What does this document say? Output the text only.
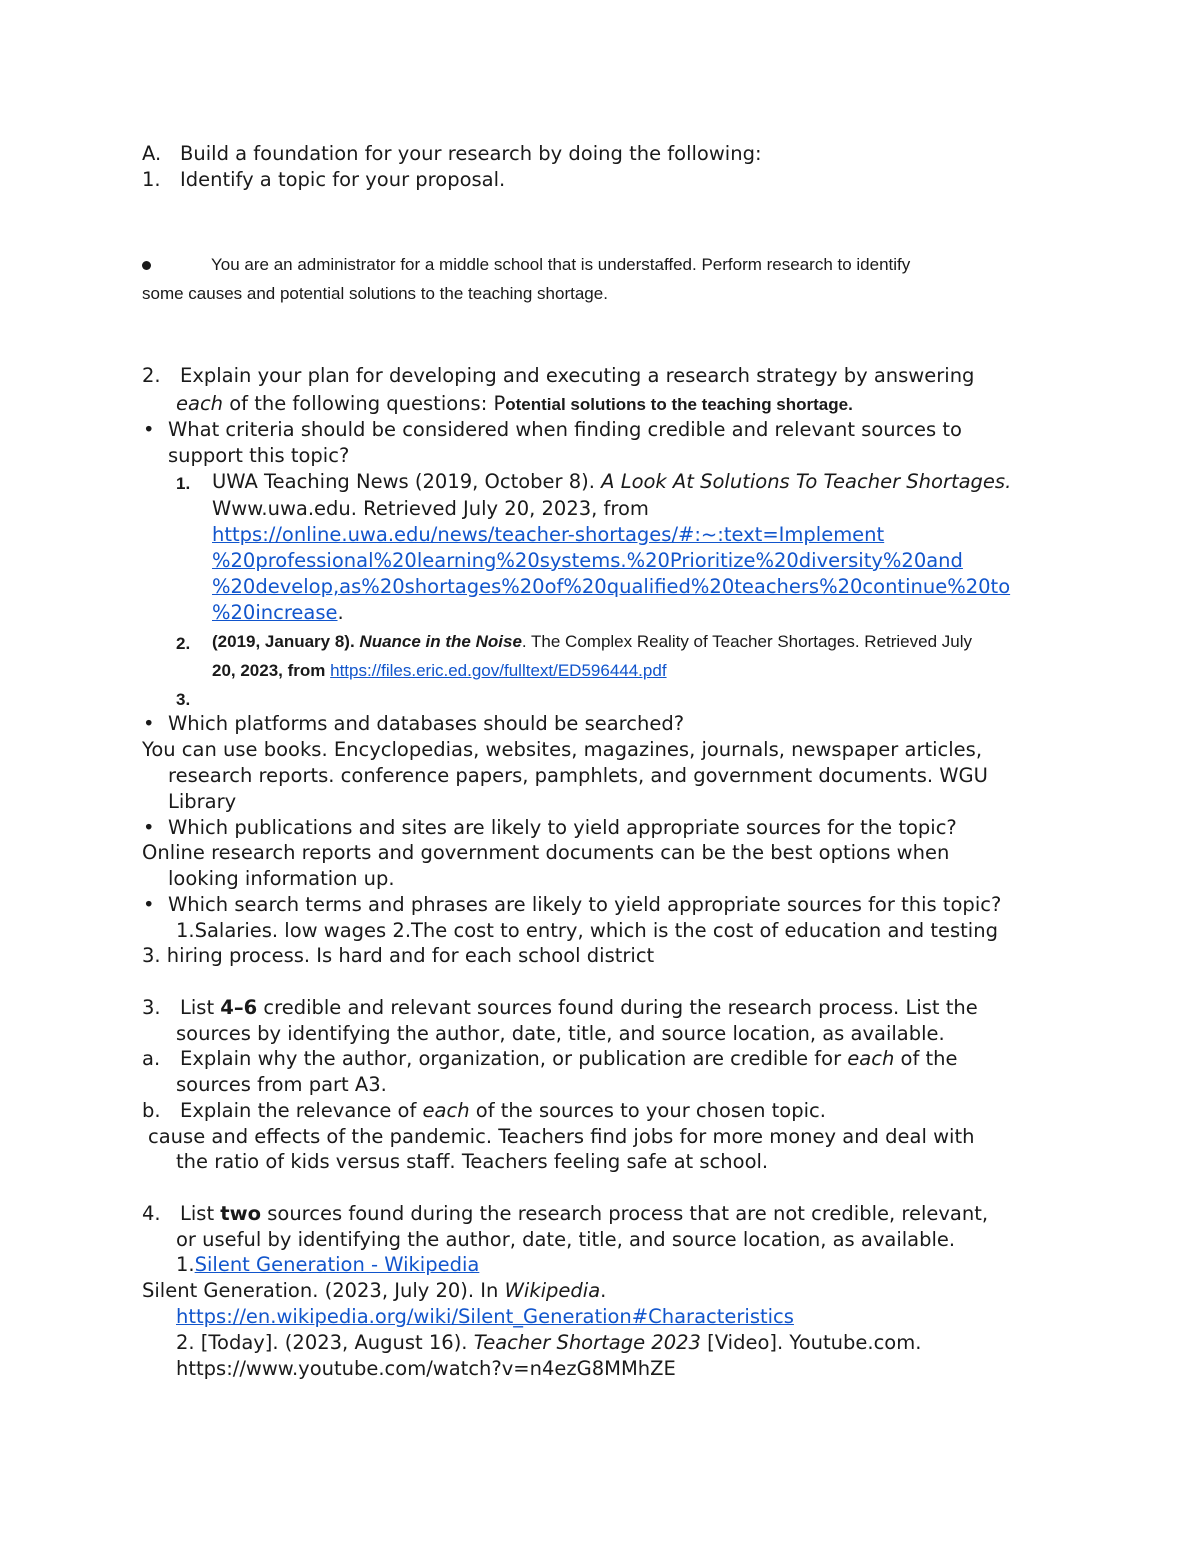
A. Build a foundation for your research by doing the following:
1. Identify a topic for your proposal.
You are an administrator for a middle school that is understaffed. Perform research to identify
some causes and potential solutions to the teaching shortage.
2. Explain your plan for developing and executing a research strategy by answering
each of the following questions: Potential solutions to the teaching shortage.
• What criteria should be considered when finding credible and relevant sources to
support this topic?
1. UWA Teaching News (2019, October 8). A Look At Solutions To Teacher Shortages.
Www.uwa.edu. Retrieved July 20, 2023, from
https://online.uwa.edu/news/teacher-shortages/#:~:text=Implement
%20professional%20learning%20systems.%20Prioritize%20diversity%20and
%20develop,as%20shortages%20of%20qualified%20teachers%20continue%20to
%20increase.
2. (2019, January 8). Nuance in the Noise. The Complex Reality of Teacher Shortages. Retrieved July
20, 2023, from https://files.eric.ed.gov/fulltext/ED596444.pdf
3.
• Which platforms and databases should be searched?
You can use books. Encyclopedias, websites, magazines, journals, newspaper articles,
research reports. conference papers, pamphlets, and government documents. WGU
Library
• Which publications and sites are likely to yield appropriate sources for the topic?
Online research reports and government documents can be the best options when
looking information up.
• Which search terms and phrases are likely to yield appropriate sources for this topic?
1.Salaries. low wages 2.The cost to entry, which is the cost of education and testing
3. hiring process. Is hard and for each school district
3. List 4–6 credible and relevant sources found during the research process. List the
sources by identifying the author, date, title, and source location, as available.
a. Explain why the author, organization, or publication are credible for each of the
sources from part A3.
b. Explain the relevance of each of the sources to your chosen topic.
cause and effects of the pandemic. Teachers find jobs for more money and deal with
the ratio of kids versus staff. Teachers feeling safe at school.
4. List two sources found during the research process that are not credible, relevant,
or useful by identifying the author, date, title, and source location, as available.
1.Silent Generation - Wikipedia
Silent Generation. (2023, July 20). In Wikipedia.
https://en.wikipedia.org/wiki/Silent_Generation#Characteristics
2. [Today]. (2023, August 16). Teacher Shortage 2023 [Video]. Youtube.com.
https://www.youtube.com/watch?v=n4ezG8MMhZE
